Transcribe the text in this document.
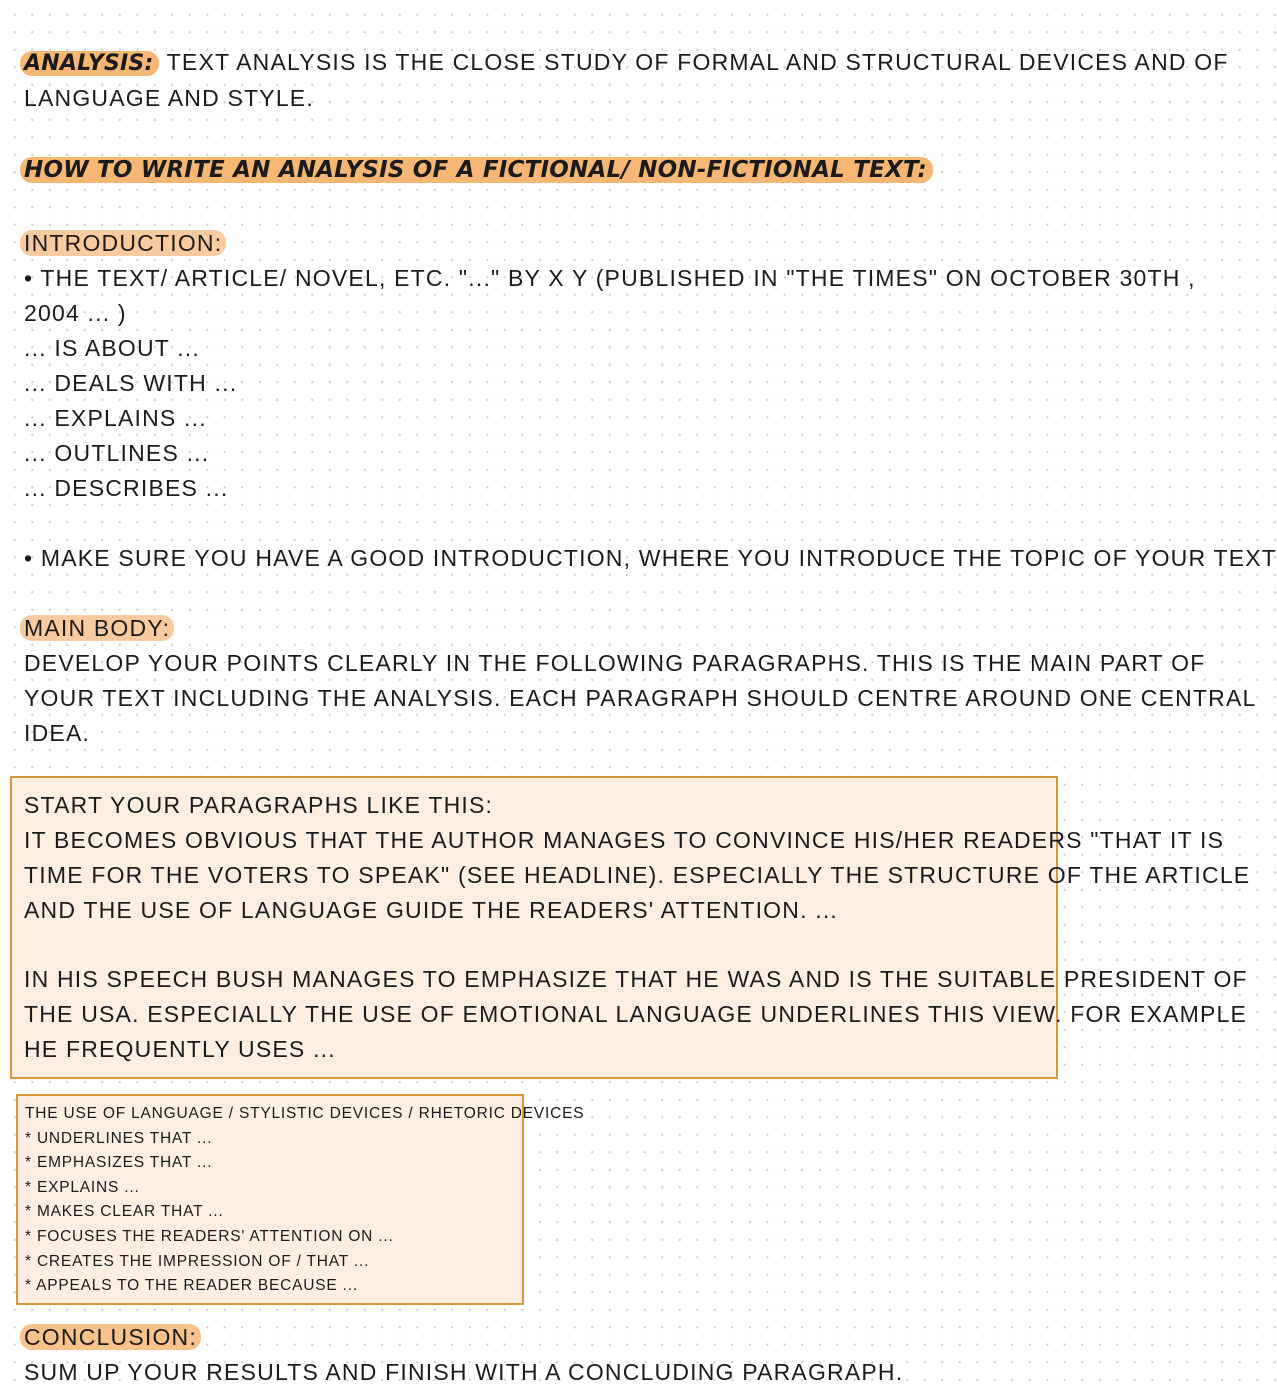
ANALYSIS: TEXT ANALYSIS IS THE CLOSE STUDY OF FORMAL AND STRUCTURAL DEVICES AND OF

LANGUAGE AND STYLE.

HOW TO WRITE AN ANALYSIS OF A FICTIONAL/ NON-FICTIONAL TEXT:

INTRODUCTION:

• THE TEXT/ ARTICLE/ NOVEL, ETC. "..." BY X Y (PUBLISHED IN "THE TIMES" ON OCTOBER 30TH ,

2004 ... )

... IS ABOUT ...

... DEALS WITH ...

... EXPLAINS ...

... OUTLINES ...

... DESCRIBES ...

• MAKE SURE YOU HAVE A GOOD INTRODUCTION, WHERE YOU INTRODUCE THE TOPIC OF YOUR TEXT

MAIN BODY:

DEVELOP YOUR POINTS CLEARLY IN THE FOLLOWING PARAGRAPHS. THIS IS THE MAIN PART OF

YOUR TEXT INCLUDING THE ANALYSIS. EACH PARAGRAPH SHOULD CENTRE AROUND ONE CENTRAL

IDEA.

START YOUR PARAGRAPHS LIKE THIS:

IT BECOMES OBVIOUS THAT THE AUTHOR MANAGES TO CONVINCE HIS/HER READERS "THAT IT IS

TIME FOR THE VOTERS TO SPEAK" (SEE HEADLINE). ESPECIALLY THE STRUCTURE OF THE ARTICLE

AND THE USE OF LANGUAGE GUIDE THE READERS' ATTENTION. ...

IN HIS SPEECH BUSH MANAGES TO EMPHASIZE THAT HE WAS AND IS THE SUITABLE PRESIDENT OF

THE USA. ESPECIALLY THE USE OF EMOTIONAL LANGUAGE UNDERLINES THIS VIEW. FOR EXAMPLE

HE FREQUENTLY USES ...

THE USE OF LANGUAGE / STYLISTIC DEVICES / RHETORIC DEVICES

* UNDERLINES THAT ...

* EMPHASIZES THAT ...

* EXPLAINS ...

* MAKES CLEAR THAT ...

* FOCUSES THE READERS' ATTENTION ON ...

* CREATES THE IMPRESSION OF / THAT ...

* APPEALS TO THE READER BECAUSE ...

CONCLUSION:

SUM UP YOUR RESULTS AND FINISH WITH A CONCLUDING PARAGRAPH.
